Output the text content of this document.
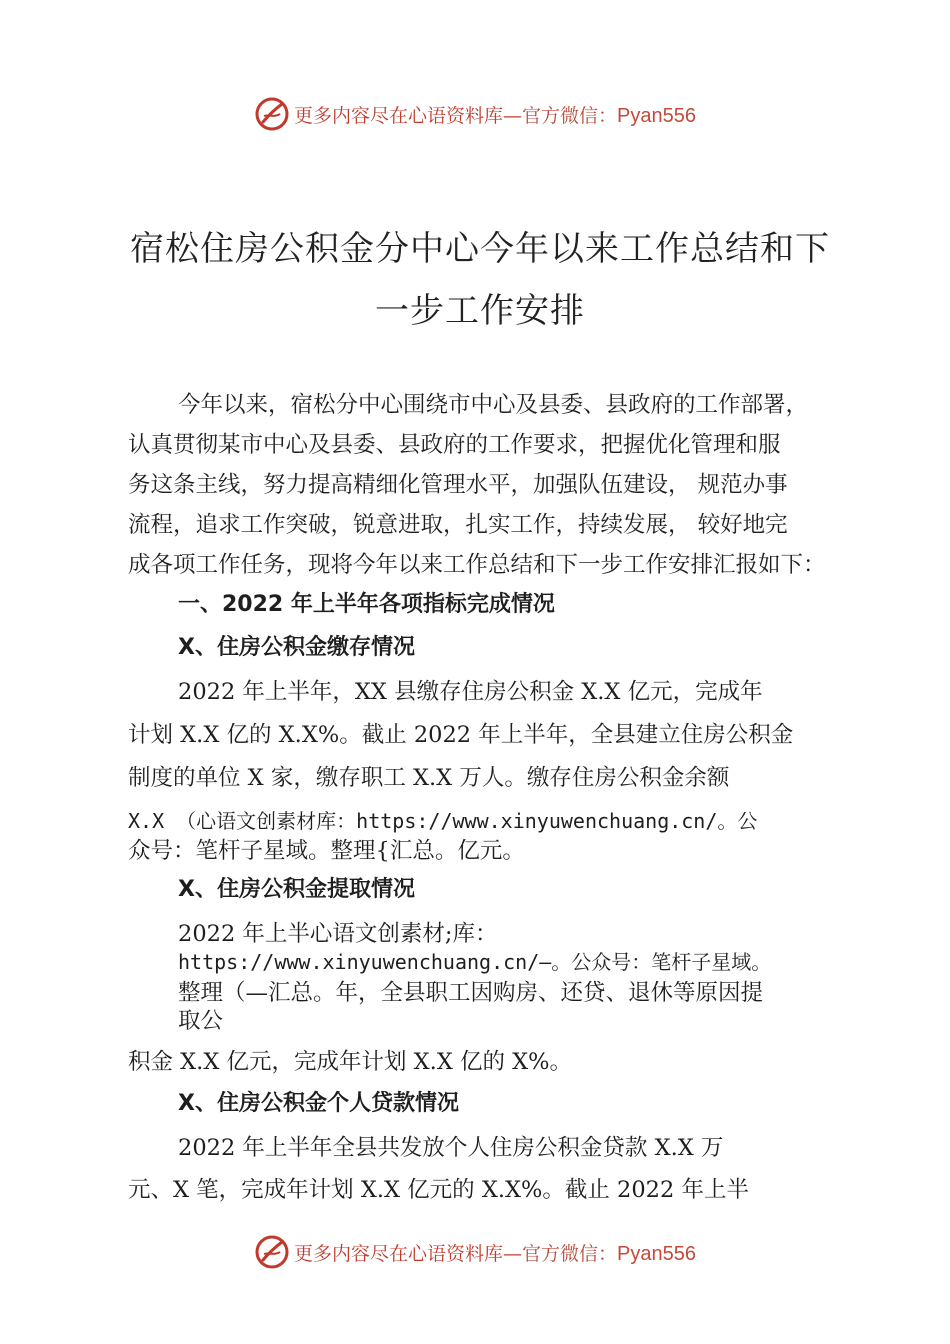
更多内容尽在心语资料库—官方微信：Pyan556
宿松住房公积金分中心今年以来工作总结和下
一步工作安排
今年以来，宿松分中心围绕市中心及县委、县政府的工作部署，
认真贯彻某市中心及县委、县政府的工作要求，把握优化管理和服
务这条主线，努力提高精细化管理水平，加强队伍建设， 规范办事
流程，追求工作突破，锐意进取，扎实工作，持续发展， 较好地完
成各项工作任务，现将今年以来工作总结和下一步工作安排汇报如下：
一、2022 年上半年各项指标完成情况
X、住房公积金缴存情况
2022 年上半年，XX 县缴存住房公积金 X.X 亿元，完成年
计划 X.X 亿的 X.X%。截止 2022 年上半年，全县建立住房公积金
制度的单位 X 家，缴存职工 X.X 万人。缴存住房公积金余额
X.X （心语文创素材库：https://www.xinyuwenchuang.cn/。公
众号：笔杆子星域。整理{汇总。亿元。
X、住房公积金提取情况
2022 年上半心语文创素材;库：
https://www.xinyuwenchuang.cn/—。公众号：笔杆子星域。
整理（—汇总。年，全县职工因购房、还贷、退休等原因提
取公
积金 X.X 亿元，完成年计划 X.X 亿的 X%。
X、住房公积金个人贷款情况
2022 年上半年全县共发放个人住房公积金贷款 X.X 万
元、X 笔，完成年计划 X.X 亿元的 X.X%。截止 2022 年上半
更多内容尽在心语资料库—官方微信：Pyan556
